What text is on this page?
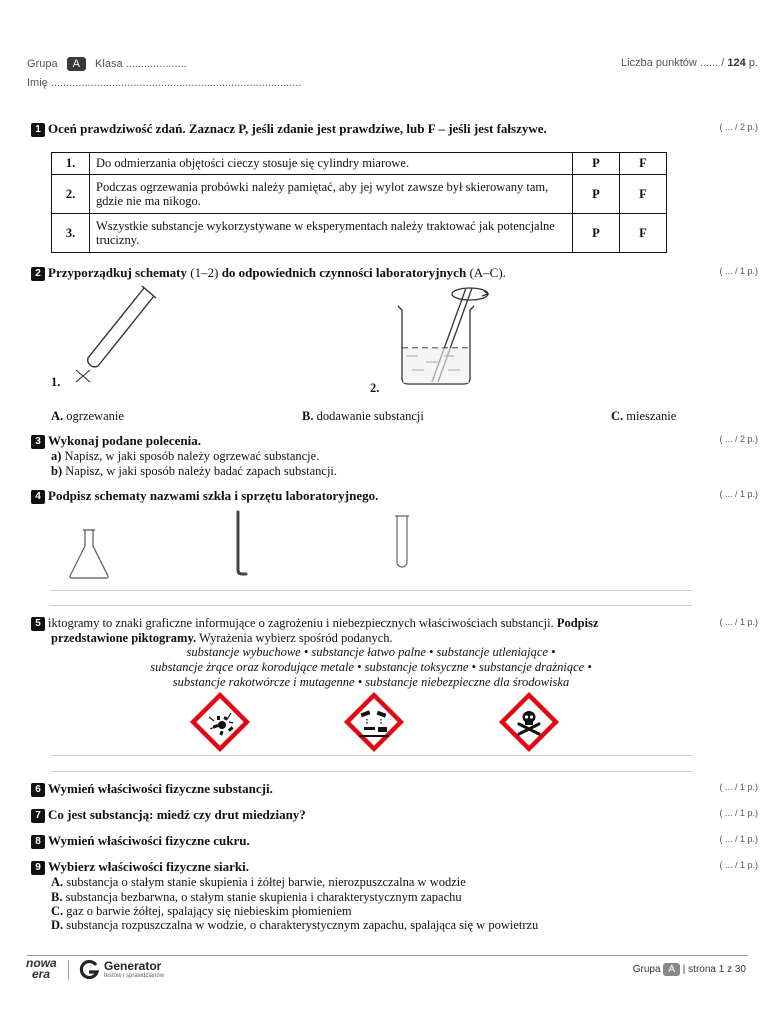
Grupa A Klasa ....................
Imię ..................................................................................
Liczba punktów ...... / 124 p.
1 Oceń prawdziwość zdań. Zaznacz P, jeśli zdanie jest prawdziwe, lub F – jeśli jest fałszywe.	( ... / 2 p.)
1.	Do odmierzania objętości cieczy stosuje się cylindry miarowe.	P	F
2.	Podczas ogrzewania probówki należy pamiętać, aby jej wylot zawsze był skierowany tam, gdzie nie ma nikogo.	P	F
3.	Wszystkie substancje wykorzystywane w eksperymentach należy traktować jak potencjalne trucizny.	P	F
2 Przyporządkuj schematy (1–2) do odpowiednich czynności laboratoryjnych (A–C).	( ... / 1 p.)
1.	2.
A. ogrzewanie	B. dodawanie substancji	C. mieszanie
3 Wykonaj podane polecenia.	( ... / 2 p.)
a) Napisz, w jaki sposób należy ogrzewać substancje.
b) Napisz, w jaki sposób należy badać zapach substancji.
4 Podpisz schematy nazwami szkła i sprzętu laboratoryjnego.	( ... / 1 p.)
5 iktogramy to znaki graficzne informujące o zagrożeniu i niebezpiecznych właściwościach substancji. Podpisz
przedstawione piktogramy. Wyrażenia wybierz spośród podanych.
( ... / 1 p.)
substancje wybuchowe • substancje łatwo palne • substancje utleniające •
substancje żrące oraz korodujące metale • substancje toksyczne • substancje drażniące •
substancje rakotwórcze i mutagenne • substancje niebezpieczne dla środowiska
6 Wymień właściwości fizyczne substancji.	( ... / 1 p.)
7 Co jest substancją: miedź czy drut miedziany?	( ... / 1 p.)
8 Wymień właściwości fizyczne cukru.	( ... / 1 p.)
9 Wybierz właściwości fizyczne siarki.	( ... / 1 p.)
A. substancja o stałym stanie skupienia i żółtej barwie, nierozpuszczalna w wodzie
B. substancja bezbarwna, o stałym stanie skupienia i charakterystycznym zapachu
C. gaz o barwie żółtej, spalający się niebieskim płomieniem
D. substancja rozpuszczalna w wodzie, o charakterystycznym zapachu, spalająca się w powietrzu
nowa
era
Generator
testów i sprawdzianów
Grupa A | strona 1 z 30
